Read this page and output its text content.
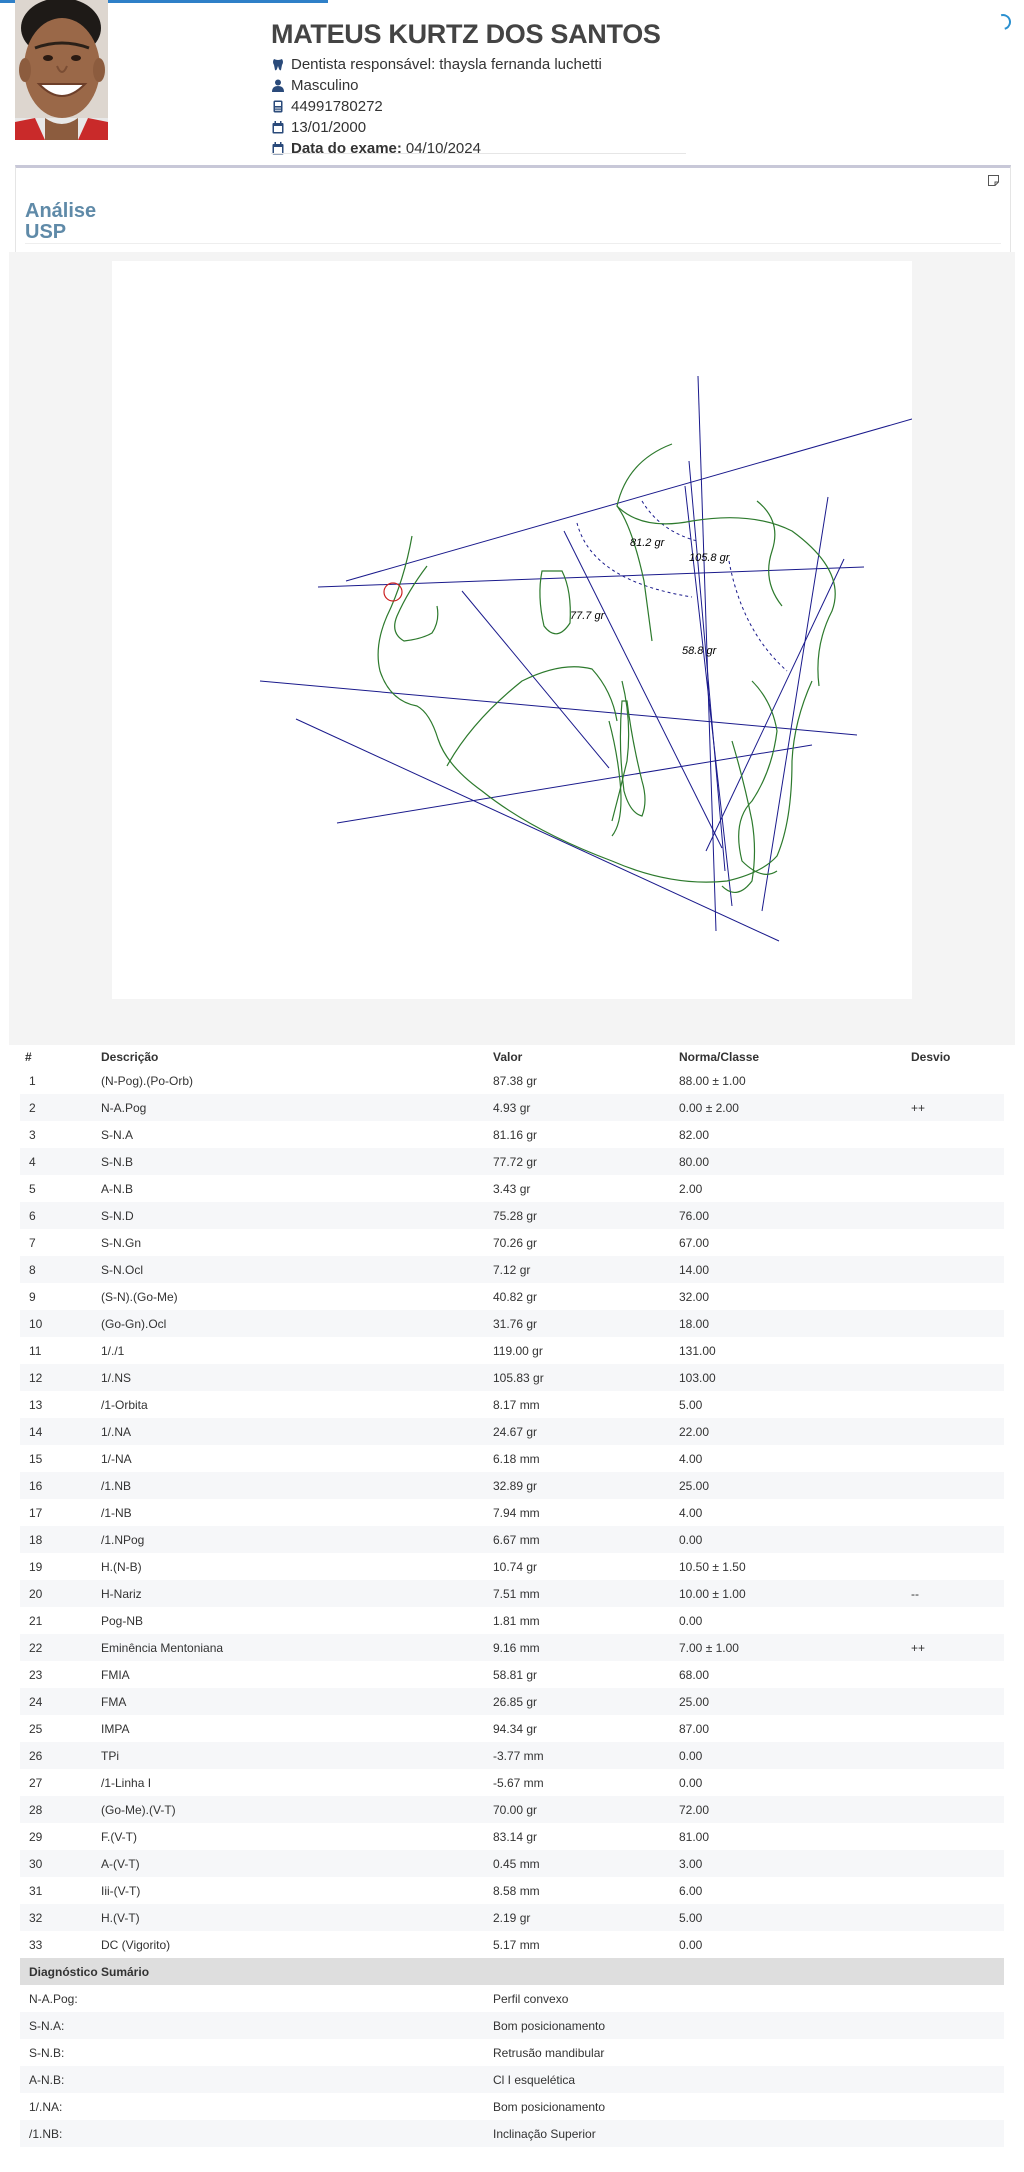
MATEUS KURTZ DOS SANTOS
Dentista responsável: thaysla fernanda luchetti
Masculino
44991780272
13/01/2000
Data do exame: 04/10/2024
Análise
USP
81.2 gr
105.8 gr
77.7 gr
58.8 gr
#	Descrição	Valor	Norma/Classe	Desvio
1	(N-Pog).(Po-Orb)	87.38 gr	88.00 ± 1.00	
2	N-A.Pog	4.93 gr	0.00 ± 2.00	++
3	S-N.A	81.16 gr	82.00	
4	S-N.B	77.72 gr	80.00	
5	A-N.B	3.43 gr	2.00	
6	S-N.D	75.28 gr	76.00	
7	S-N.Gn	70.26 gr	67.00	
8	S-N.Ocl	7.12 gr	14.00	
9	(S-N).(Go-Me)	40.82 gr	32.00	
10	(Go-Gn).Ocl	31.76 gr	18.00	
11	1/./1	119.00 gr	131.00	
12	1/.NS	105.83 gr	103.00	
13	/1-Orbita	8.17 mm	5.00	
14	1/.NA	24.67 gr	22.00	
15	1/-NA	6.18 mm	4.00	
16	/1.NB	32.89 gr	25.00	
17	/1-NB	7.94 mm	4.00	
18	/1.NPog	6.67 mm	0.00	
19	H.(N-B)	10.74 gr	10.50 ± 1.50	
20	H-Nariz	7.51 mm	10.00 ± 1.00	--
21	Pog-NB	1.81 mm	0.00	
22	Eminência Mentoniana	9.16 mm	7.00 ± 1.00	++
23	FMIA	58.81 gr	68.00	
24	FMA	26.85 gr	25.00	
25	IMPA	94.34 gr	87.00	
26	TPi	-3.77 mm	0.00	
27	/1-Linha I	-5.67 mm	0.00	
28	(Go-Me).(V-T)	70.00 gr	72.00	
29	F.(V-T)	83.14 gr	81.00	
30	A-(V-T)	0.45 mm	3.00	
31	Iii-(V-T)	8.58 mm	6.00	
32	H.(V-T)	2.19 gr	5.00	
33	DC (Vigorito)	5.17 mm	0.00	
Diagnóstico Sumário				
N-A.Pog:		Perfil convexo		
S-N.A:		Bom posicionamento		
S-N.B:		Retrusão mandibular		
A-N.B:		Cl I esquelética		
1/.NA:		Bom posicionamento		
/1.NB:		Inclinação Superior		
